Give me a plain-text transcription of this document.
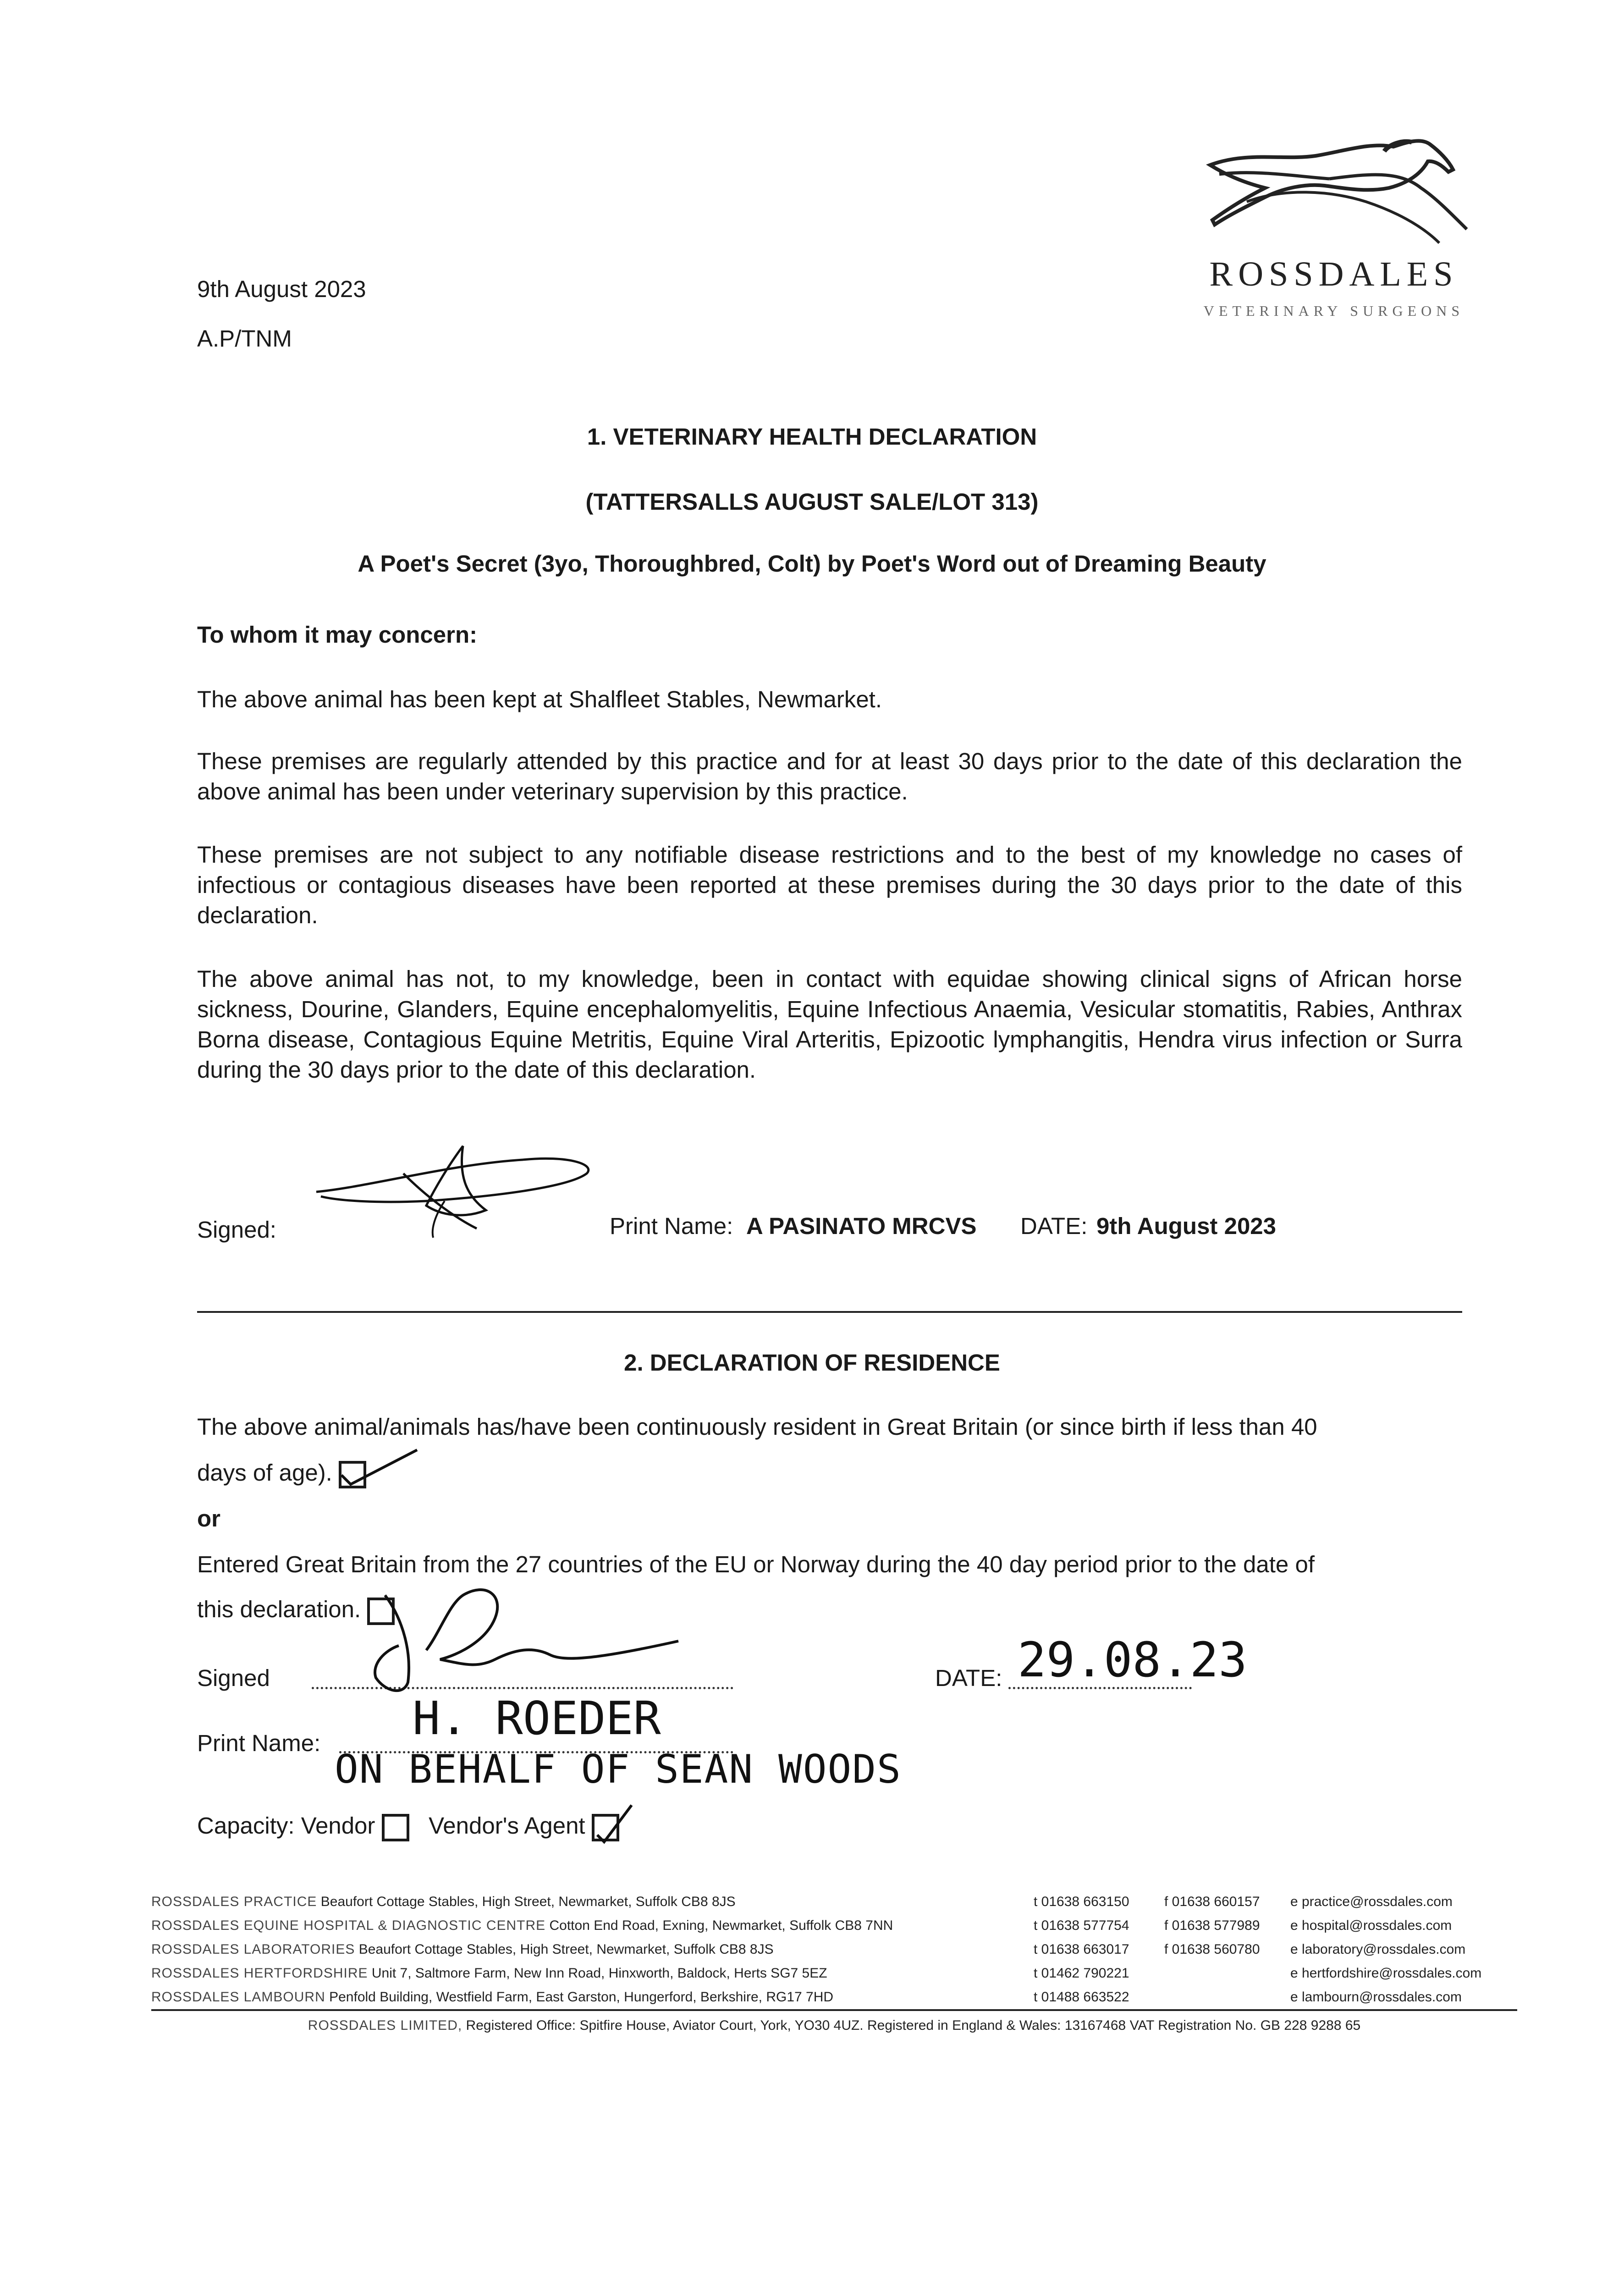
ROSSDALES
VETERINARY SURGEONS
9th August 2023
A.P/TNM
1. VETERINARY HEALTH DECLARATION
(TATTERSALLS AUGUST SALE/LOT 313)
A Poet's Secret (3yo, Thoroughbred, Colt) by Poet's Word out of Dreaming Beauty
To whom it may concern:
The above animal has been kept at Shalfleet Stables, Newmarket.
These premises are regularly attended by this practice and for at least 30 days prior to the date of this declaration the above animal has been under veterinary supervision by this practice.
These premises are not subject to any notifiable disease restrictions and to the best of my knowledge no cases of infectious or contagious diseases have been reported at these premises during the 30 days prior to the date of this declaration.
The above animal has not, to my knowledge, been in contact with equidae showing clinical signs of African horse sickness, Dourine, Glanders, Equine encephalomyelitis, Equine Infectious Anaemia, Vesicular stomatitis, Rabies, Anthrax Borna disease, Contagious Equine Metritis, Equine Viral Arteritis, Epizootic lymphangitis, Hendra virus infection or Surra during the 30 days prior to the date of this declaration.
Signed:	Print Name: A PASINATO MRCVS DATE: 9th August 2023
2. DECLARATION OF RESIDENCE
The above animal/animals has/have been continuously resident in Great Britain (or since birth if less than 40
days of age).
or
Entered Great Britain from the 27 countries of the EU or Norway during the 40 day period prior to the date of
this declaration.
Signed	DATE: 29.08.23
Print Name: H. ROEDER
ON BEHALF OF SEAN WOODS
Capacity: Vendor Vendor's Agent
ROSSDALES PRACTICE Beaufort Cottage Stables, High Street, Newmarket, Suffolk CB8 8JS	t 01638 663150	f 01638 660157 e practice@rossdales.com
ROSSDALES EQUINE HOSPITAL & DIAGNOSTIC CENTRE Cotton End Road, Exning, Newmarket, Suffolk CB8 7NN	t 01638 577754	f 01638 577989 e hospital@rossdales.com
ROSSDALES LABORATORIES Beaufort Cottage Stables, High Street, Newmarket, Suffolk CB8 8JS	t 01638 663017	f 01638 560780 e laboratory@rossdales.com
ROSSDALES HERTFORDSHIRE Unit 7, Saltmore Farm, New Inn Road, Hinxworth, Baldock, Herts SG7 5EZ	t 01462 790221	e hertfordshire@rossdales.com
ROSSDALES LAMBOURN Penfold Building, Westfield Farm, East Garston, Hungerford, Berkshire, RG17 7HD	t 01488 663522	e lambourn@rossdales.com
ROSSDALES LIMITED, Registered Office: Spitfire House, Aviator Court, York, YO30 4UZ. Registered in England & Wales: 13167468 VAT Registration No. GB 228 9288 65
